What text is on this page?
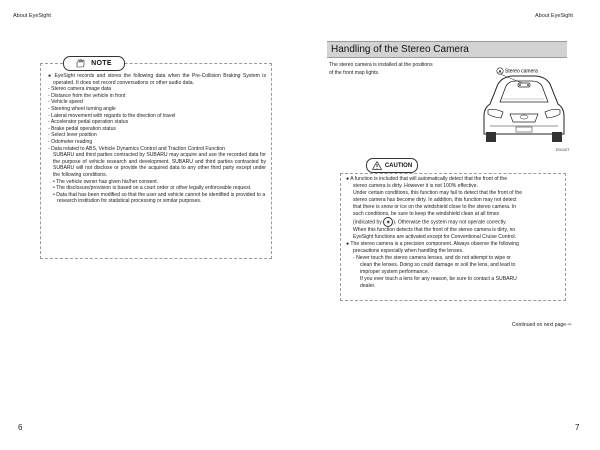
About EyeSight	About EyeSight
NOTE

● EyeSight records and stores the following data when the Pre-Collision Braking System is operated. It does not record conversations or other audio data.

- Stereo camera image data

- Distance from the vehicle in front

- Vehicle speed

- Steering wheel turning angle

- Lateral movement with regards to the direction of travel

- Accelerator pedal operation status

- Brake pedal operation status

- Select lever position

- Odometer reading

- Data related to ABS, Vehicle Dynamics Control and Traction Control Function

SUBARU and third parties contracted by SUBARU may acquire and use the recorded data for the purpose of vehicle research and development. SUBARU and third parties contracted by SUBARU will not disclose or provide the acquired data to any other third party except under the following conditions.

• The vehicle owner has given his/her consent.

• The disclosure/provision is based on a court order or other legally enforceable request.

• Data that has been modified so that the user and vehicle cannot be identified is provided to a research institution for statistical processing or similar purposes.

6
Handling of the Stereo Camera
The stereo camera is installed at the positions
of the front map lights.	A Stereo camera
E01107
CAUTION

● A function is included that will automatically detect that the front of the

stereo camera is dirty. However it is not 100% effective.

Under certain conditions, this function may fail to detect that the front of the

stereo camera has become dirty. In addition, this function may not detect

that there is snow or ice on the windshield close to the stereo camera. In

such conditions, be sure to keep the windshield clean at all times

(indicated by ◉ ). Otherwise the system may not operate correctly.

When this function detects that the front of the stereo camera is dirty, no

EyeSight functions are activated except for Conventional Cruise Control.

● The stereo camera is a precision component. Always observe the following

precautions especially when handling the lenses.

- Never touch the stereo camera lenses, and do not attempt to wipe or

clean the lenses. Doing so could damage or soil the lens, and lead to

improper system performance.

If you ever touch a lens for any reason, be sure to contact a SUBARU

dealer.

Continued on next page ⇨
7
